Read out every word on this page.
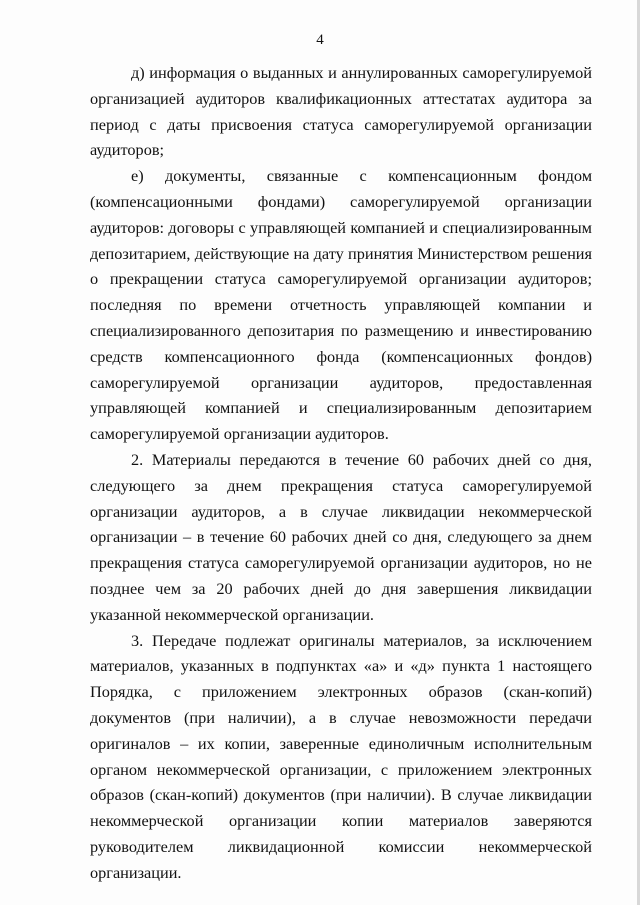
4

д) информация о выданных и аннулированных саморегулируемой организацией аудиторов квалификационных аттестатах аудитора за период с даты присвоения статуса саморегулируемой организации аудиторов;

е) документы, связанные с компенсационным фондом (компенсационными фондами) саморегулируемой организации аудиторов: договоры с управляющей компанией и специализированным депозитарием, действующие на дату принятия Министерством решения о прекращении статуса саморегулируемой организации аудиторов; последняя по времени отчетность управляющей компании и специализированного депозитария по размещению и инвестированию средств компенсационного фонда (компенсационных фондов) саморегулируемой организации аудиторов, предоставленная управляющей компанией и специализированным депозитарием саморегулируемой организации аудиторов.

2. Материалы передаются в течение 60 рабочих дней со дня, следующего за днем прекращения статуса саморегулируемой организации аудиторов, а в случае ликвидации некоммерческой организации – в течение 60 рабочих дней со дня, следующего за днем прекращения статуса саморегулируемой организации аудиторов, но не позднее чем за 20 рабочих дней до дня завершения ликвидации указанной некоммерческой организации.

3. Передаче подлежат оригиналы материалов, за исключением материалов, указанных в подпунктах «а» и «д» пункта 1 настоящего Порядка, с приложением электронных образов (скан-копий) документов (при наличии), а в случае невозможности передачи оригиналов – их копии, заверенные единоличным исполнительным органом некоммерческой организации, с приложением электронных образов (скан-копий) документов (при наличии). В случае ликвидации некоммерческой организации копии материалов заверяются руководителем ликвидационной комиссии некоммерческой организации.
